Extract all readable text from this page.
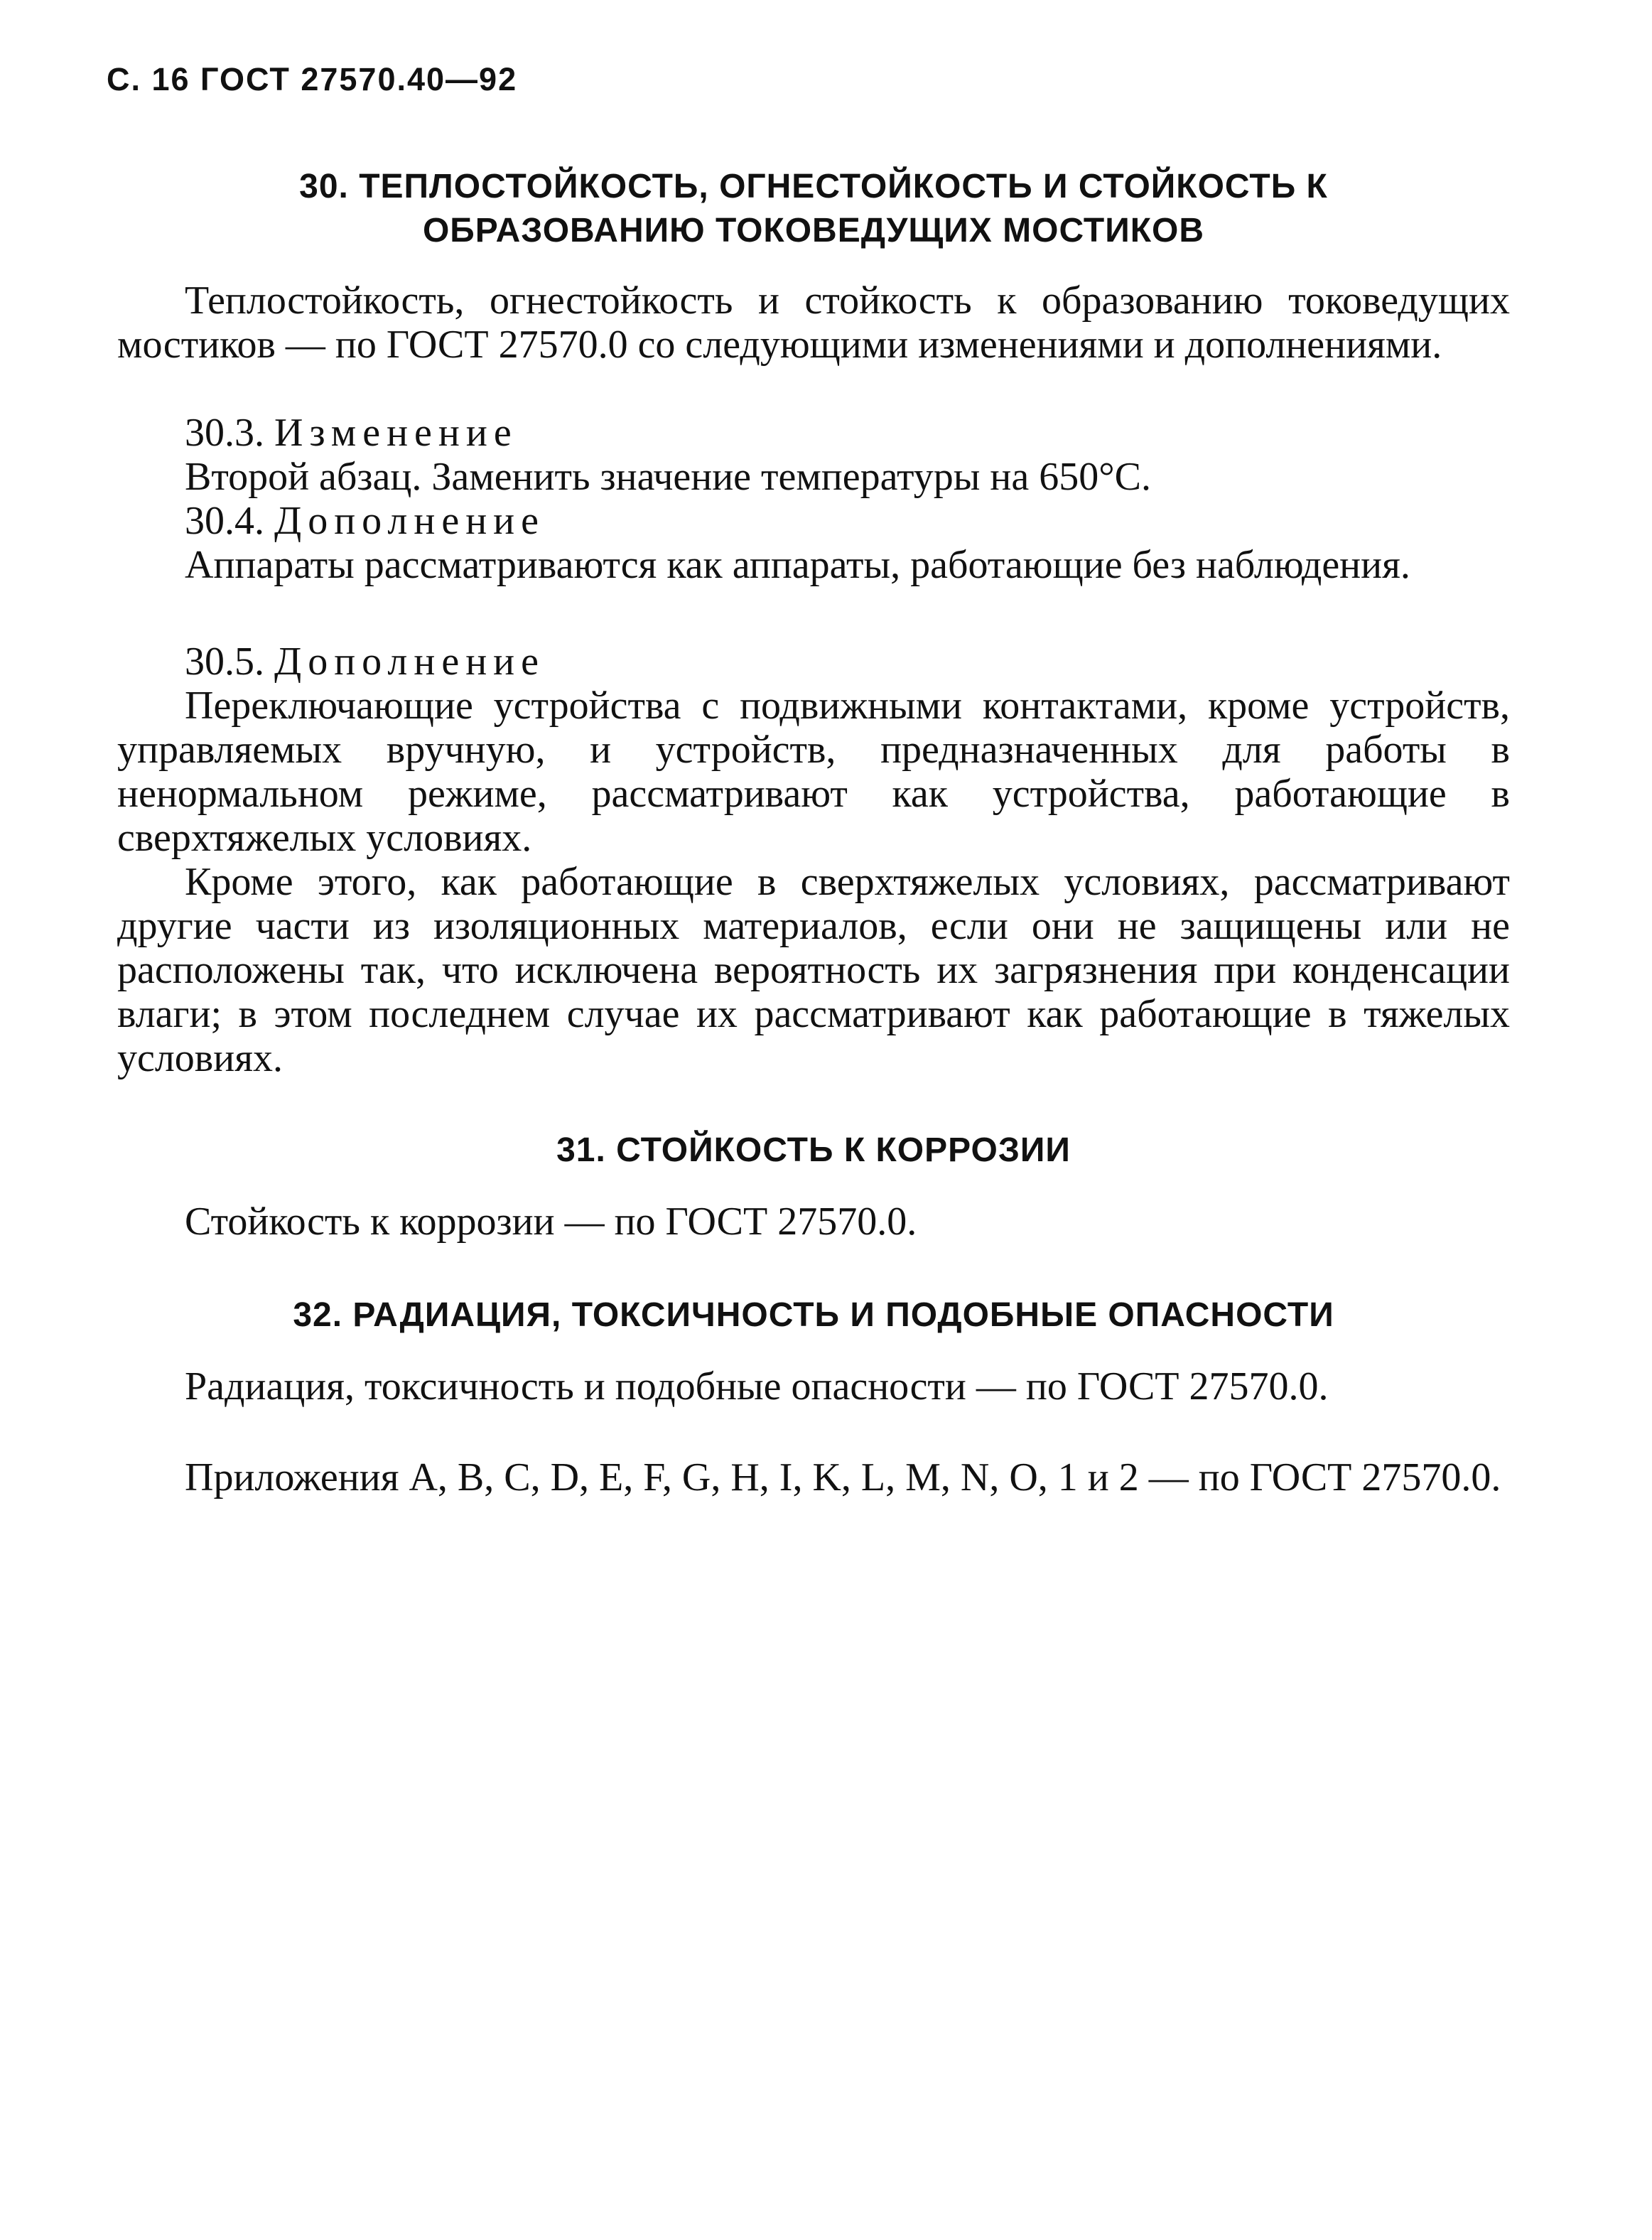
С. 16 ГОСТ 27570.40—92
30. ТЕПЛОСТОЙКОСТЬ, ОГНЕСТОЙКОСТЬ И СТОЙКОСТЬ К
ОБРАЗОВАНИЮ ТОКОВЕДУЩИХ МОСТИКОВ
Теплостойкость, огнестойкость и стойкость к образованию токоведущих мостиков — по ГОСТ 27570.0 со следующими изменениями и дополнениями.
30.3. Изменение
Второй абзац. Заменить значение температуры на 650°С.
30.4. Дополнение
Аппараты рассматриваются как аппараты, работающие без наблюдения.
30.5. Дополнение
Переключающие устройства с подвижными контактами, кроме устройств, управляемых вручную, и устройств, предназначенных для работы в ненормальном режиме, рассматривают как устройства, работающие в сверхтяжелых условиях.
Кроме этого, как работающие в сверхтяжелых условиях, рассматривают другие части из изоляционных материалов, если они не защищены или не расположены так, что исключена вероятность их загрязнения при конденсации влаги; в этом последнем случае их рассматривают как работающие в тяжелых условиях.
31. СТОЙКОСТЬ К КОРРОЗИИ
Стойкость к коррозии — по ГОСТ 27570.0.
32. РАДИАЦИЯ, ТОКСИЧНОСТЬ И ПОДОБНЫЕ ОПАСНОСТИ
Радиация, токсичность и подобные опасности — по ГОСТ 27570.0.
Приложения А, В, С, D, E, F, G, H, I, K, L, M, N, O, 1 и 2 — по ГОСТ 27570.0.
